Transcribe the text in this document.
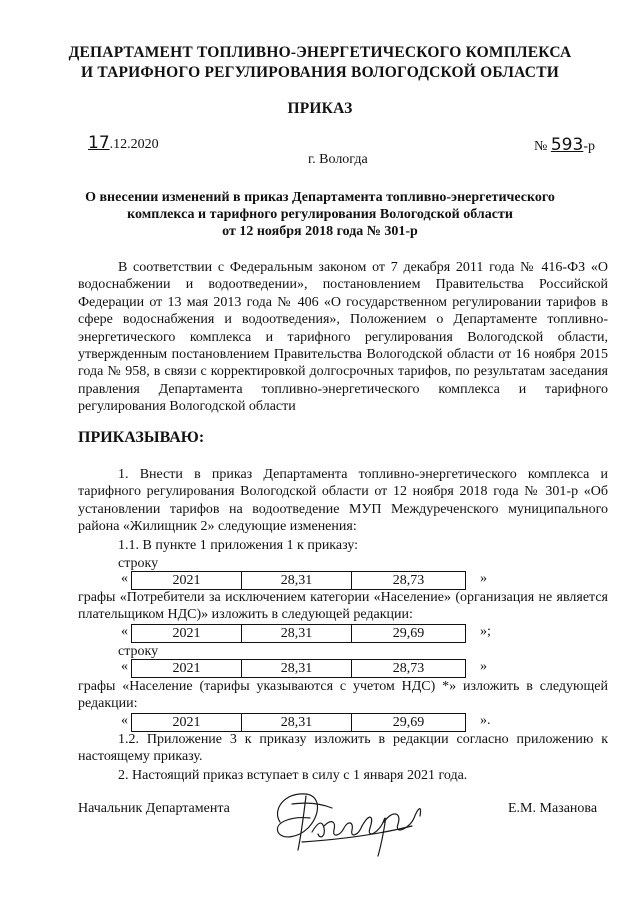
ДЕПАРТАМЕНТ ТОПЛИВНО-ЭНЕРГЕТИЧЕСКОГО КОМПЛЕКСА
И ТАРИФНОГО РЕГУЛИРОВАНИЯ ВОЛОГОДСКОЙ ОБЛАСТИ
ПРИКАЗ
17.12.2020	№ 593-р
г. Вологда
О внесении изменений в приказ Департамента топливно-энергетического
комплекса и тарифного регулирования Вологодской области
от 12 ноября 2018 года № 301-р
В соответствии с Федеральным законом от 7 декабря 2011 года № 416-ФЗ «О водоснабжении и водоотведении», постановлением Правительства Российской Федерации от 13 мая 2013 года № 406 «О государственном регулировании тарифов в сфере водоснабжения и водоотведения», Положением о Департаменте топливно-энергетического комплекса и тарифного регулирования Вологодской области, утвержденным постановлением Правительства Вологодской области от 16 ноября 2015 года № 958, в связи с корректировкой долгосрочных тарифов, по результатам заседания правления Департамента топливно-энергетического комплекса и тарифного регулирования Вологодской области
ПРИКАЗЫВАЮ:
1. Внести в приказ Департамента топливно-энергетического комплекса и тарифного регулирования Вологодской области от 12 ноября 2018 года № 301-р «Об установлении тарифов на водоотведение МУП Междуреченского муниципального района «Жилищник 2» следующие изменения:
1.1. В пункте 1 приложения 1 к приказу:
строку
«	2021	28,31	28,73	»
графы «Потребители за исключением категории «Население» (организация не является плательщиком НДС)» изложить в следующей редакции:
«	2021	28,31	29,69	»;
строку
«	2021	28,31	28,73	»
графы «Население (тарифы указываются с учетом НДС) *» изложить в следующей редакции:
«	2021	28,31	29,69	».
1.2. Приложение 3 к приказу изложить в редакции согласно приложению к настоящему приказу.
2. Настоящий приказ вступает в силу с 1 января 2021 года.
Начальник Департамента	Е.М. Мазанова
